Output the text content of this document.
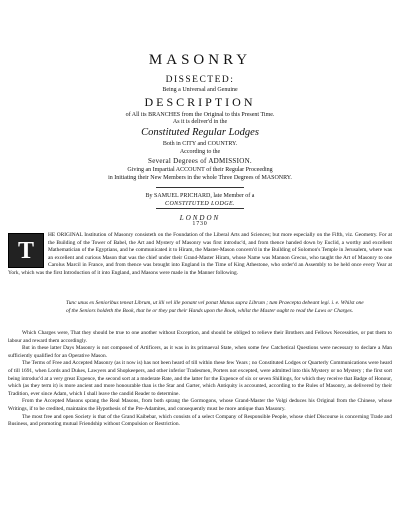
MASONRY
DISSECTED:
Being a Universal and Genuine
DESCRIPTION
of All its BRANCHES from the Original to this Present Time.
As it is deliver'd in the
Constituted Regular Lodges
Both in CITY and COUNTRY.
According to the
Several Degrees of ADMISSION.
Giving an Impartial ACCOUNT of their Regular Proceeding
in Initiating their New Members in the whole Three Degrees of MASONRY.
By SAMUEL PRICHARD, late Member of a
CONSTITUTED LODGE.
LONDON
1730
T
HE ORIGINAL Institution of Masonry consisteth on the Foundation of the Liberal Arts and Sciences; but more especially on the Fifth, viz. Geometry. For at the Building of the Tower of Babel, the Art and Mystery of Masonry was first introduc'd, and from thence handed down by Euclid, a worthy and excellent Mathematician of the Egyptians, and he communicated it to Hiram, the Master-Mason concern'd in the Building of Solomon's Temple in Jerusalem, where was an excellent and curious Mason that was the chief under their Grand-Master Hiram, whose Name was Mannon Grecus, who taught the Art of Masonry to one Carolus Marcil in France, and from thence was brought into England in the Time of King Athestone, who order'd an Assembly to be held once every Year at York, which was the first Introduction of it into England, and Masons were made in the Manner following.
Tunc unus ex Senioribus teneat Librum, ut illi vel ille ponant vel ponat Manus supra Librum ; tum Praecepta debeant legi. i. e. Whilst one of the Seniors holdeth the Book, that he or they put their Hands upon the Book, whilst the Master ought to read the Laws or Charges.
Which Charges were, That they should be true to one another without Exception, and should be obliged to relieve their Brothers and Fellows Necessities, or put them to labour and reward them accordingly.
But in these latter Days Masonry is not composed of Artificers, as it was in its primaeval State, when some few Catchetical Questions were necessary to declare a Man sufficiently qualified for an Operative Mason.
The Terms of Free and Accepted Masonry (as it now is) has not been heard of till within these few Years ; no Constituted Lodges or Quarterly Communications were heard of till 1691, when Lords and Dukes, Lawyers and Shopkeepers, and other inferior Tradesmen, Porters not excepted, were admitted into this Mystery or no Mystery ; the first sort being introduc'd at a very great Expence, the second sort at a moderate Rate, and the latter for the Expence of six or seven Shillings, for which they receive that Badge of Honour, which (as they term it) is more ancient and more honourable than is the Star and Garter, which Antiquity is accounted, according to the Rules of Masonry, as delivered by their Tradition, ever since Adam, which I shall leave the candid Reader to determine.
From the Accepted Masons sprang the Real Masons, from both sprang the Gormogons, whose Grand-Master the Volgi deduces his Original from the Chinese, whose Writings, if to be credited, maintains the Hypothesis of the Pre-Adamites, and consequently must be more antique than Masonry.
The most free and open Society is that of the Grand Kaibebar, which consists of a select Company of Responsible People, whose chief Discourse is concerning Trade and Business, and promoting mutual Friendship without Compulsion or Restriction.
